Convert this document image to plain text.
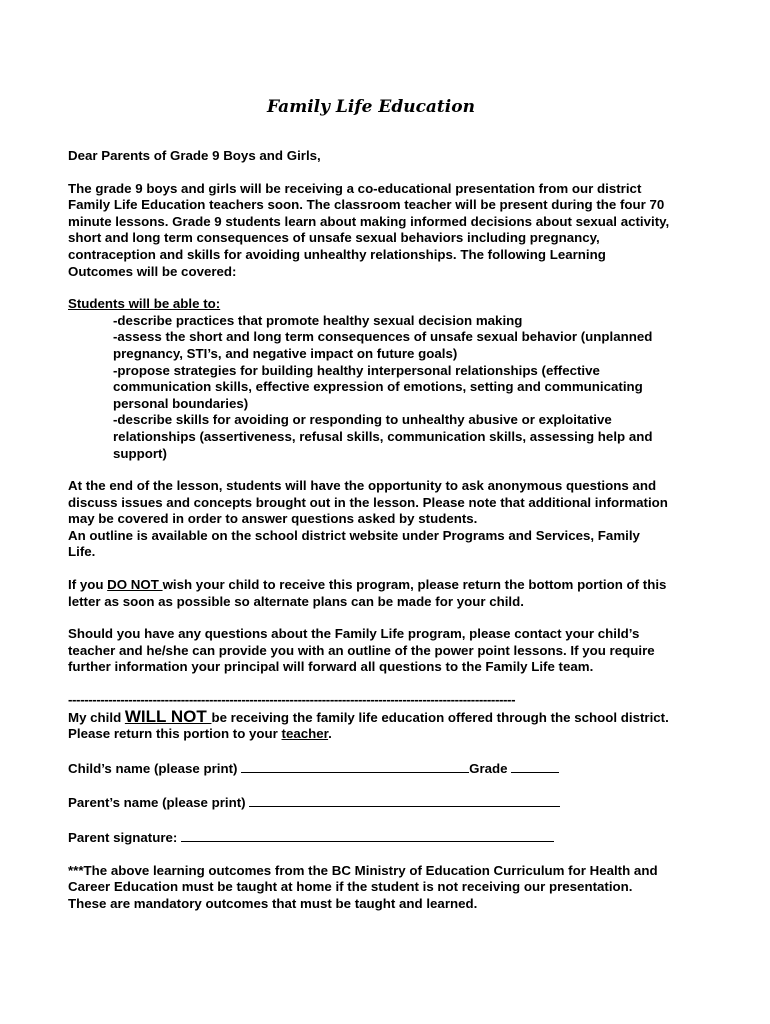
Family Life Education

Dear Parents of Grade 9 Boys and Girls,

The grade 9 boys and girls will be receiving a co-educational presentation from our district

Family Life Education teachers soon. The classroom teacher will be present during the four 70

minute lessons. Grade 9 students learn about making informed decisions about sexual activity,

short and long term consequences of unsafe sexual behaviors including pregnancy,

contraception and skills for avoiding unhealthy relationships. The following Learning

Outcomes will be covered:

Students will be able to:

-describe practices that promote healthy sexual decision making

-assess the short and long term consequences of unsafe sexual behavior (unplanned

pregnancy, STI’s, and negative impact on future goals)

-propose strategies for building healthy interpersonal relationships (effective

communication skills, effective expression of emotions, setting and communicating

personal boundaries)

-describe skills for avoiding or responding to unhealthy abusive or exploitative

relationships (assertiveness, refusal skills, communication skills, assessing help and

support)

At the end of the lesson, students will have the opportunity to ask anonymous questions and

discuss issues and concepts brought out in the lesson. Please note that additional information

may be covered in order to answer questions asked by students.

An outline is available on the school district website under Programs and Services, Family

Life.

If you DO NOT wish your child to receive this program, please return the bottom portion of this

letter as soon as possible so alternate plans can be made for your child.

Should you have any questions about the Family Life program, please contact your child’s

teacher and he/she can provide you with an outline of the power point lessons. If you require

further information your principal will forward all questions to the Family Life team.

---------------------------------------------------------------------------------------------------------------

My child WILL NOT be receiving the family life education offered through the school district.

Please return this portion to your teacher.

Child’s name (please print)	Grade

Parent’s name (please print)

Parent signature:

***The above learning outcomes from the BC Ministry of Education Curriculum for Health and

Career Education must be taught at home if the student is not receiving our presentation.

These are mandatory outcomes that must be taught and learned.
